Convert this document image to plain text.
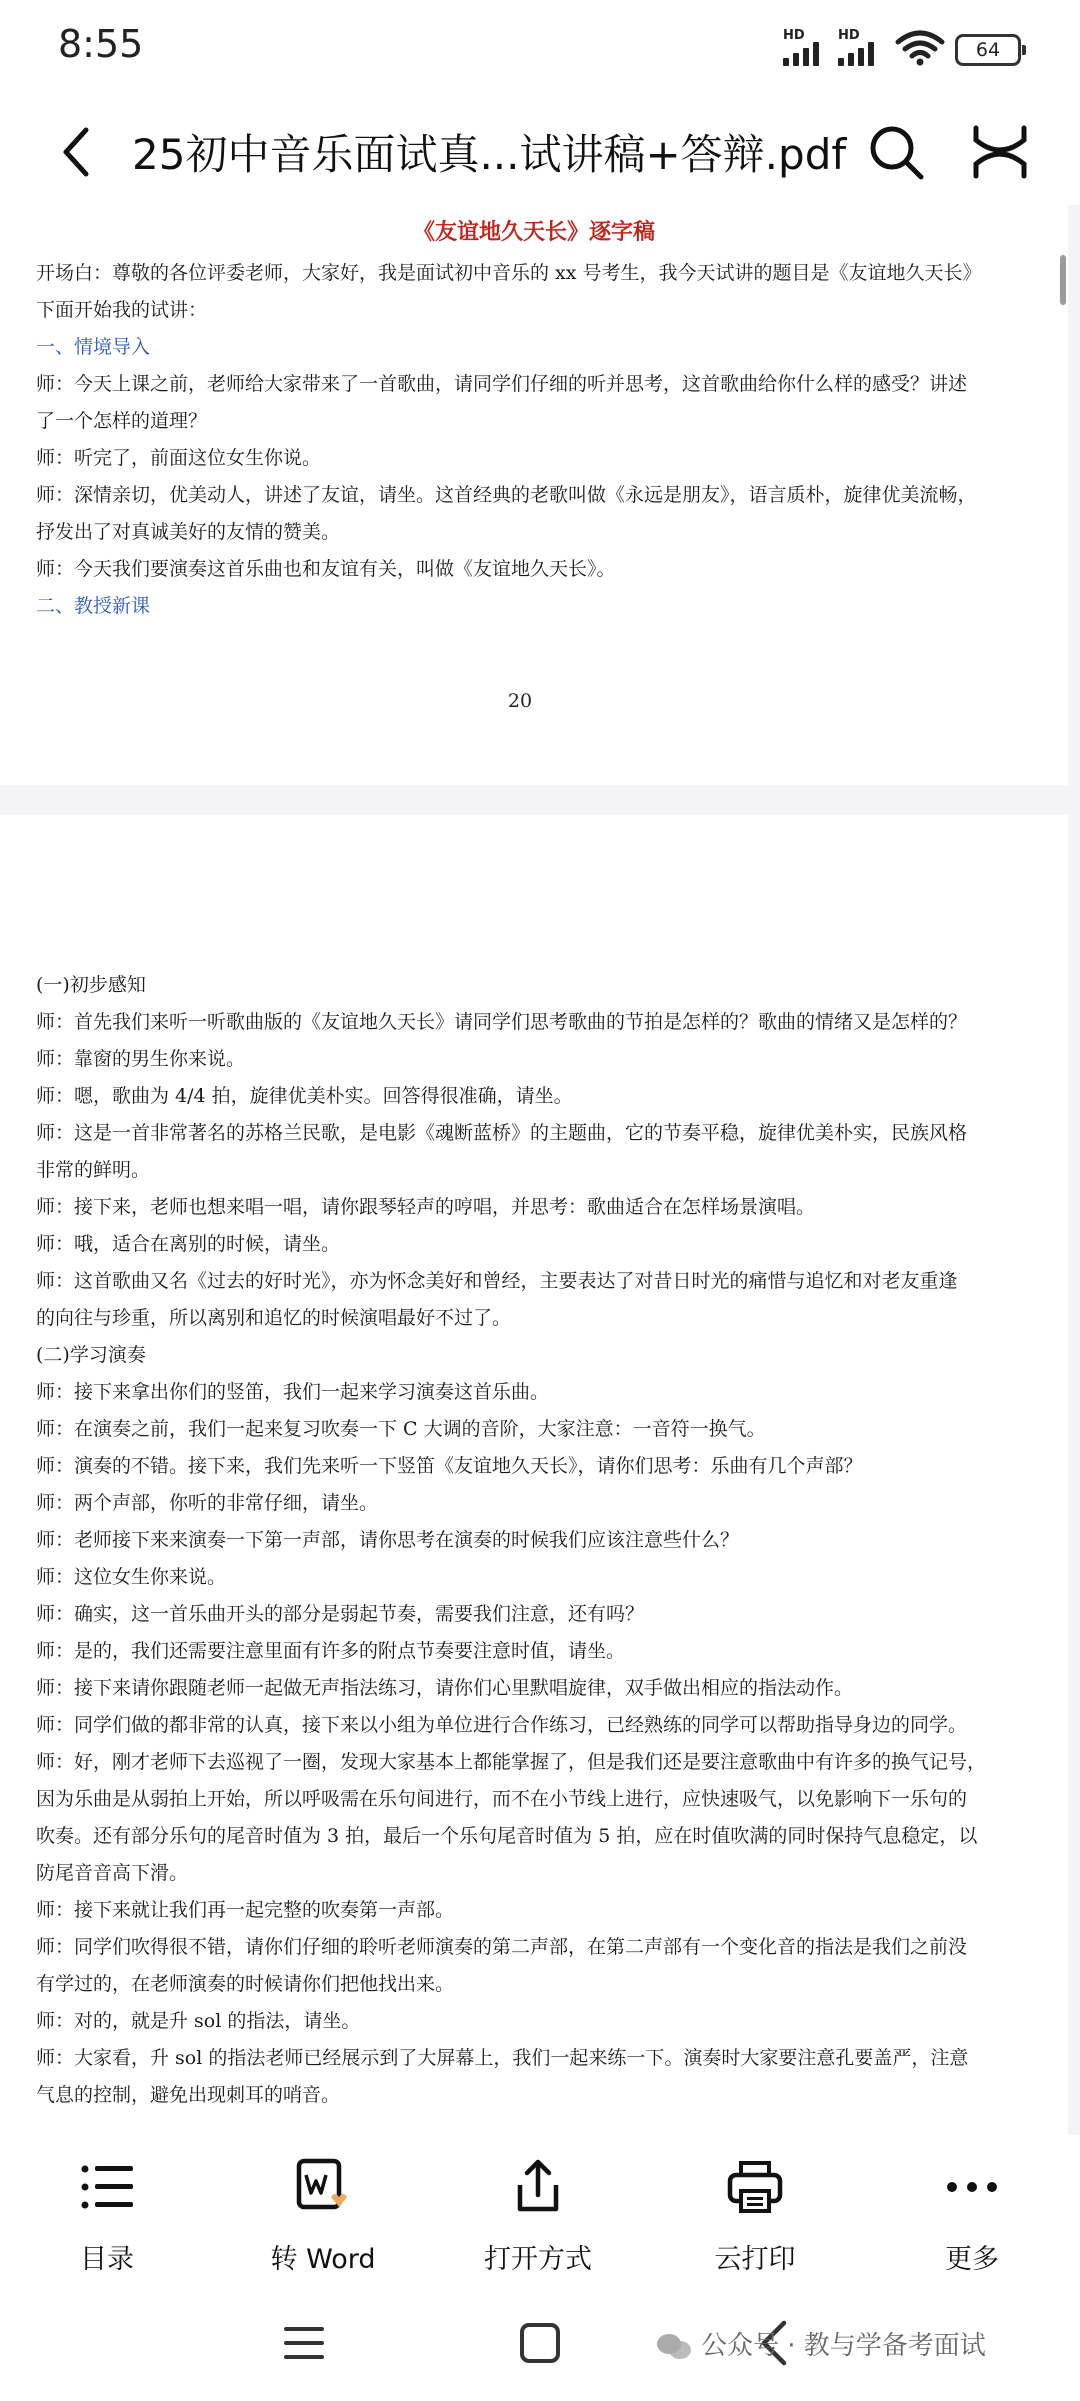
8:55	HD	HD
64
25初中音乐面试真...试讲稿+答辩.pdf
《友谊地久天长》逐字稿
开场白：尊敬的各位评委老师，大家好，我是面试初中音乐的 xx 号考生，我今天试讲的题目是《友谊地久天长》
下面开始我的试讲：
一、情境导入
师：今天上课之前，老师给大家带来了一首歌曲，请同学们仔细的听并思考，这首歌曲给你什么样的感受？讲述
了一个怎样的道理？
师：听完了，前面这位女生你说。
师：深情亲切，优美动人，讲述了友谊，请坐。这首经典的老歌叫做《永远是朋友》，语言质朴，旋律优美流畅，
抒发出了对真诚美好的友情的赞美。
师：今天我们要演奏这首乐曲也和友谊有关，叫做《友谊地久天长》。
二、教授新课
20
(一)初步感知
师：首先我们来听一听歌曲版的《友谊地久天长》请同学们思考歌曲的节拍是怎样的？歌曲的情绪又是怎样的？
师：靠窗的男生你来说。
师：嗯，歌曲为 4/4 拍，旋律优美朴实。回答得很准确，请坐。
师：这是一首非常著名的苏格兰民歌，是电影《魂断蓝桥》的主题曲，它的节奏平稳，旋律优美朴实，民族风格
非常的鲜明。
师：接下来，老师也想来唱一唱，请你跟琴轻声的哼唱，并思考：歌曲适合在怎样场景演唱。
师：哦，适合在离别的时候，请坐。
师：这首歌曲又名《过去的好时光》，亦为怀念美好和曾经，主要表达了对昔日时光的痛惜与追忆和对老友重逢
的向往与珍重，所以离别和追忆的时候演唱最好不过了。
(二)学习演奏
师：接下来拿出你们的竖笛，我们一起来学习演奏这首乐曲。
师：在演奏之前，我们一起来复习吹奏一下 C 大调的音阶，大家注意：一音符一换气。
师：演奏的不错。接下来，我们先来听一下竖笛《友谊地久天长》，请你们思考：乐曲有几个声部？
师：两个声部，你听的非常仔细，请坐。
师：老师接下来来演奏一下第一声部，请你思考在演奏的时候我们应该注意些什么？
师：这位女生你来说。
师：确实，这一首乐曲开头的部分是弱起节奏，需要我们注意，还有吗？
师：是的，我们还需要注意里面有许多的附点节奏要注意时值，请坐。
师：接下来请你跟随老师一起做无声指法练习，请你们心里默唱旋律，双手做出相应的指法动作。
师：同学们做的都非常的认真，接下来以小组为单位进行合作练习，已经熟练的同学可以帮助指导身边的同学。
师：好，刚才老师下去巡视了一圈，发现大家基本上都能掌握了，但是我们还是要注意歌曲中有许多的换气记号，
因为乐曲是从弱拍上开始，所以呼吸需在乐句间进行，而不在小节线上进行，应快速吸气，以免影响下一乐句的
吹奏。还有部分乐句的尾音时值为 3 拍，最后一个乐句尾音时值为 5 拍，应在时值吹满的同时保持气息稳定，以
防尾音音高下滑。
师：接下来就让我们再一起完整的吹奏第一声部。
师：同学们吹得很不错，请你们仔细的聆听老师演奏的第二声部，在第二声部有一个变化音的指法是我们之前没
有学过的，在老师演奏的时候请你们把他找出来。
师：对的，就是升 sol 的指法，请坐。
师：大家看，升 sol 的指法老师已经展示到了大屏幕上，我们一起来练一下。演奏时大家要注意孔要盖严，注意
气息的控制，避免出现刺耳的哨音。
目录	转 Word	打开方式	云打印	更多
公众号 · 教与学备考面试
